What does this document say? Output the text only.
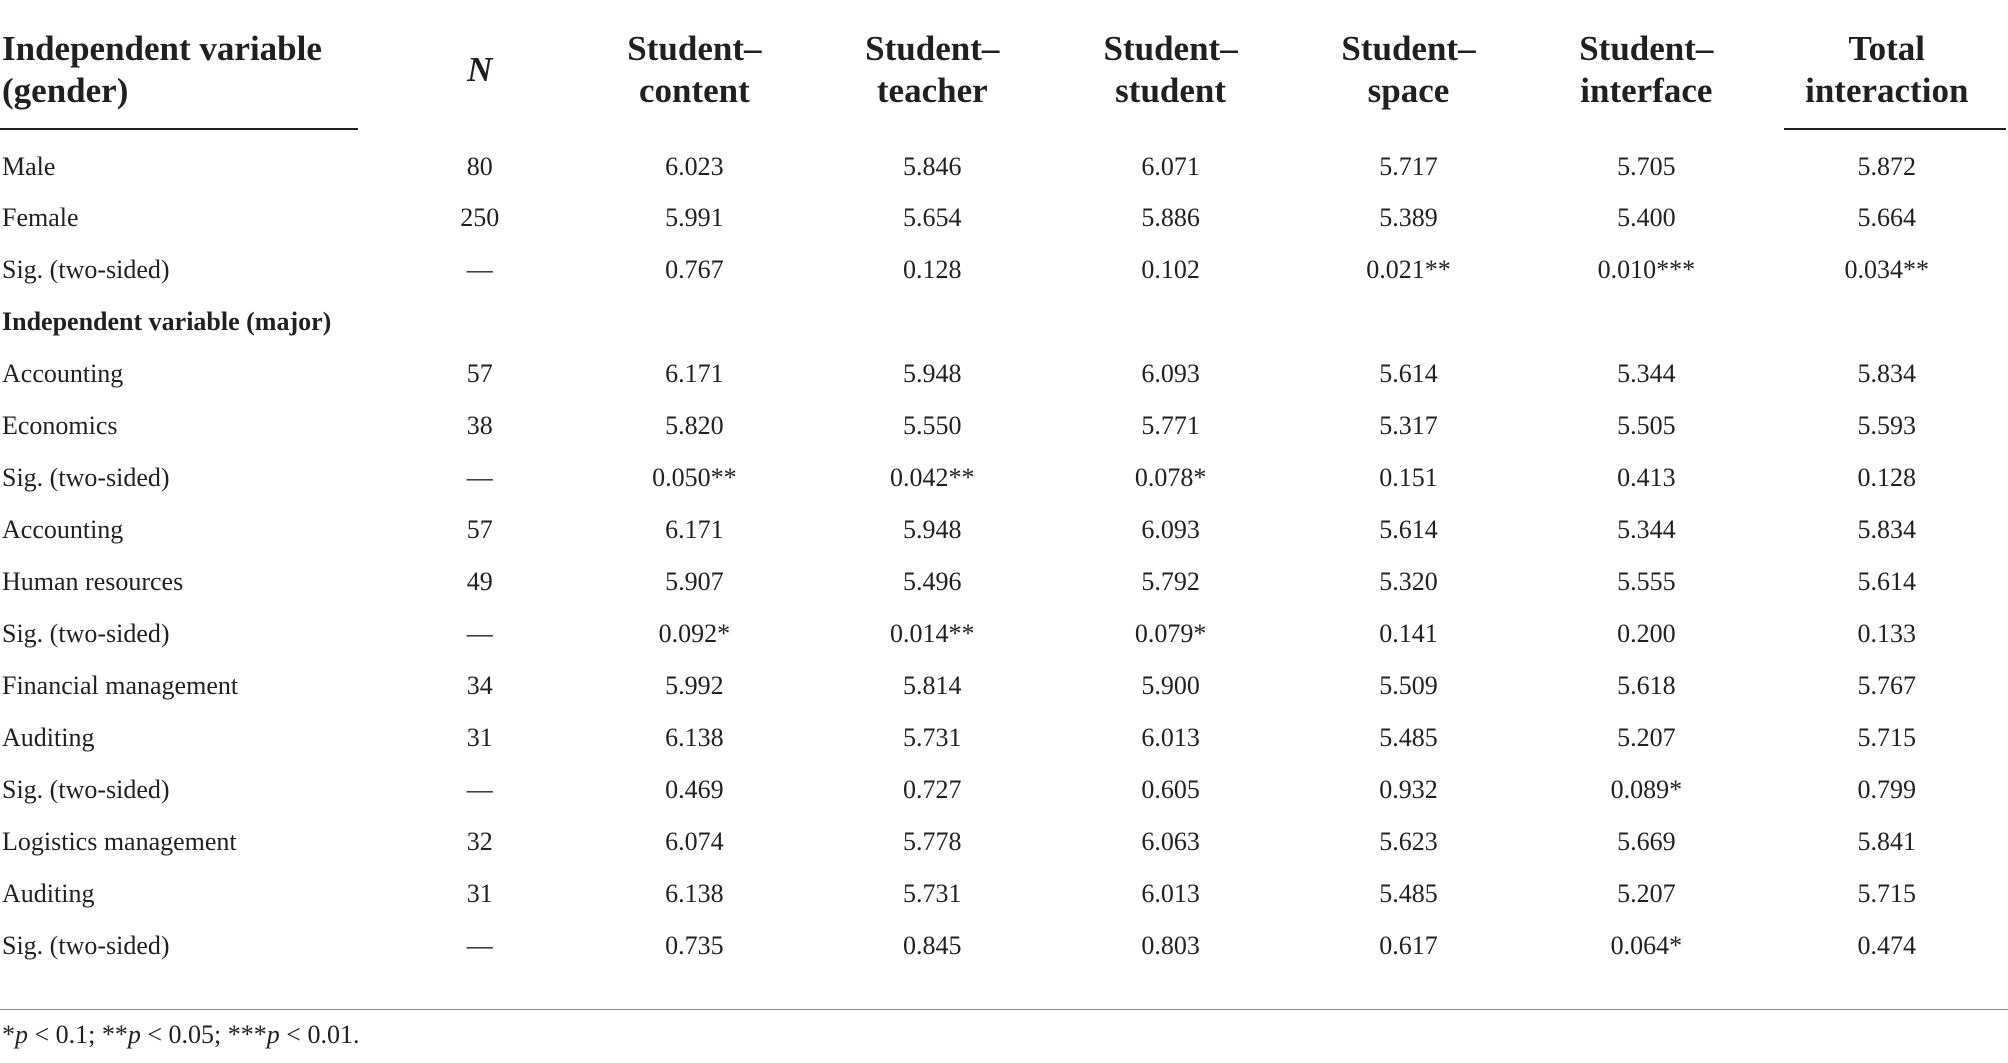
Independent variable (gender)	N	Student–content	Student–teacher	Student–student	Student–space	Student–interface	Total interaction

Male	80	6.023	5.846	6.071	5.717	5.705	5.872
Female	250	5.991	5.654	5.886	5.389	5.400	5.664
Sig. (two-sided)	—	0.767	0.128	0.102	0.021**	0.010***	0.034**
Independent variable (major)							
Accounting	57	6.171	5.948	6.093	5.614	5.344	5.834
Economics	38	5.820	5.550	5.771	5.317	5.505	5.593
Sig. (two-sided)	—	0.050**	0.042**	0.078*	0.151	0.413	0.128
Accounting	57	6.171	5.948	6.093	5.614	5.344	5.834
Human resources	49	5.907	5.496	5.792	5.320	5.555	5.614
Sig. (two-sided)	—	0.092*	0.014**	0.079*	0.141	0.200	0.133
Financial management	34	5.992	5.814	5.900	5.509	5.618	5.767
Auditing	31	6.138	5.731	6.013	5.485	5.207	5.715
Sig. (two-sided)	—	0.469	0.727	0.605	0.932	0.089*	0.799
Logistics management	32	6.074	5.778	6.063	5.623	5.669	5.841
Auditing	31	6.138	5.731	6.013	5.485	5.207	5.715
Sig. (two-sided)	—	0.735	0.845	0.803	0.617	0.064*	0.474
*p < 0.1; **p < 0.05; ***p < 0.01.
